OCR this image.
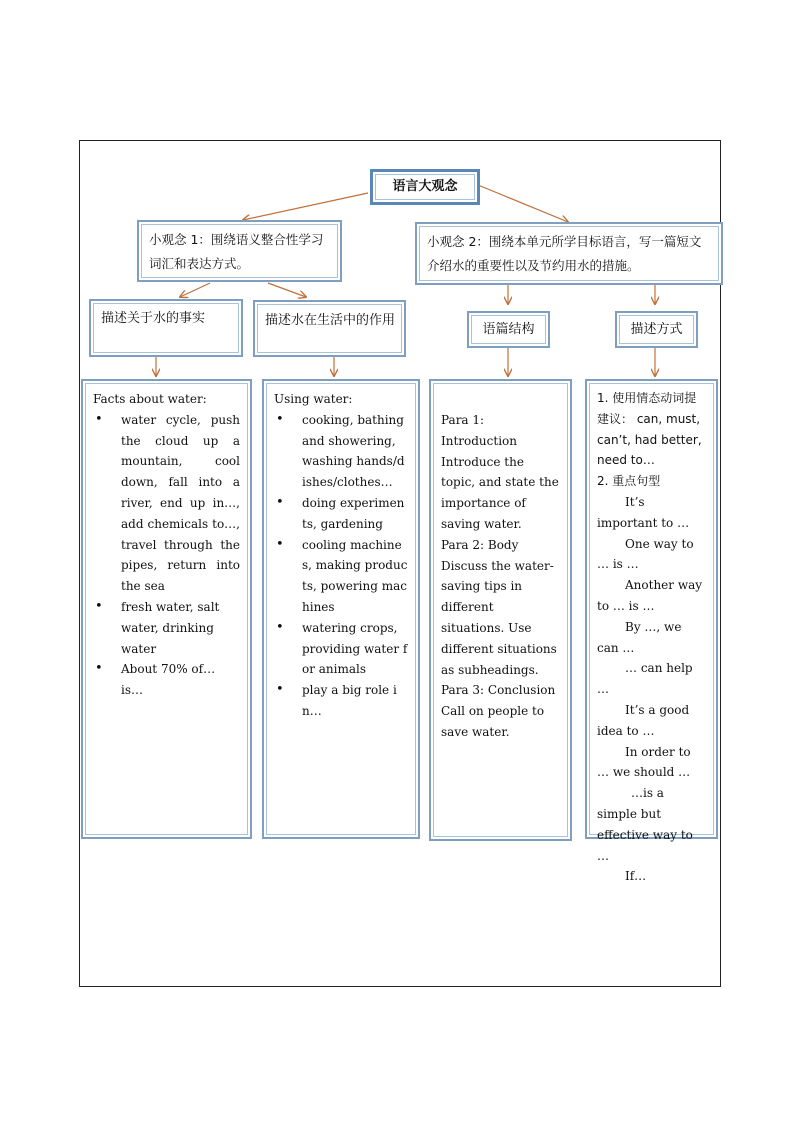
语言大观念
小观念 1：围绕语义整合性学习词汇和表达方式。
小观念 2：围绕本单元所学目标语言，写一篇短文介绍水的重要性以及节约用水的措施。
描述关于水的事实	描述水在生活中的作用
语篇结构	描述方式
Facts about water:
• water cycle, push the cloud up a mountain, cool down, fall into a river, end up in…, add chemicals to…, travel through the pipes, return into the sea
• fresh water, salt water, drinking water
• About 70% of… is…
Using water:
• cooking, bathing and showering, washing hands/dishes/clothes…
• doing experiments, gardening
• cooling machines, making products, powering machines
• watering crops, providing water for animals
• play a big role in…
Para 1: Introduction
Introduce the topic, and state the importance of saving water.
Para 2: Body
Discuss the water-saving tips in different situations. Use different situations as subheadings.
Para 3: Conclusion
Call on people to save water.
1. 使用情态动词提建议： can, must, can’t, had better, need to…
2. 重点句型
It’s important to …
One way to … is …
Another way to … is …
By …, we can …
… can help …
It’s a good idea to …
In order to … we should …
…is a simple but effective way to …
If…
